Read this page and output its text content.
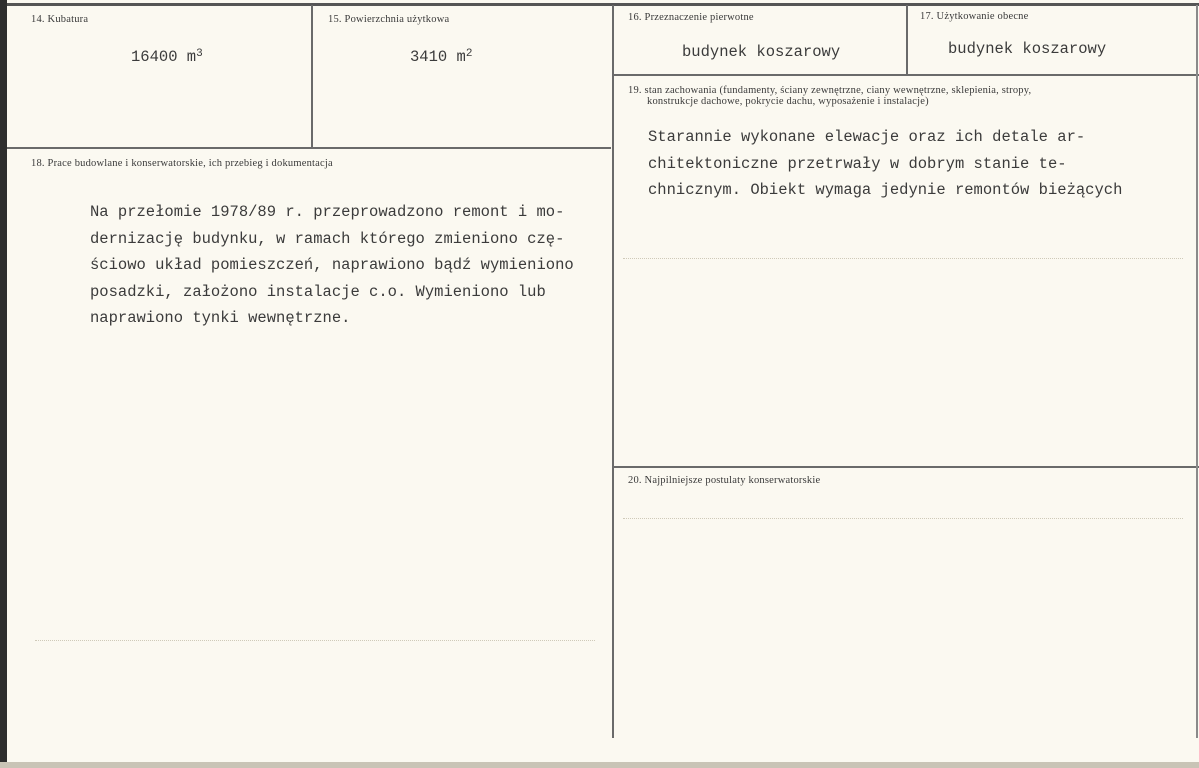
14. Kubatura
16400 $m^3$
15. Powierzchnia użytkowa
3410 $m^2$
16. Przeznaczenie pierwotne
budynek koszarowy
17. Użytkowanie obecne
budynek koszarowy
18. Prace budowlane i konserwatorskie, ich przebieg i dokumentacja
Na przełomie 1978/89 r. przeprowadzono remont i mo-
dernizację budynku, w ramach którego zmieniono czę-
ściowo układ pomieszczeń, naprawiono bądź wymieniono
posadzki, założono instalacje c.o. Wymieniono lub
naprawiono tynki wewnętrzne.
19. stan zachowania (fundamenty, ściany zewnętrzne, ciany wewnętrzne, sklepienia, stropy,
konstrukcje dachowe, pokrycie dachu, wyposażenie i instalacje)
Starannie wykonane elewacje oraz ich detale ar-
chitektoniczne przetrwały w dobrym stanie te-
chnicznym. Obiekt wymaga jedynie remontów bieżących
20. Najpilniejsze postulaty konserwatorskie
